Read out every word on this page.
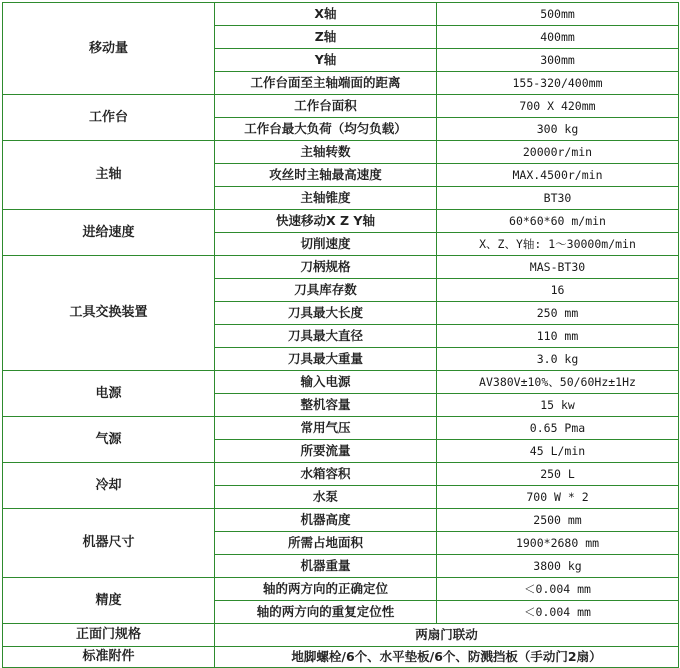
移动量	X轴	500mm
	Z轴	400mm
	Y轴	300mm
	工作台面至主轴端面的距离	155-320/400mm
工作台	工作台面积	700 X 420mm
	工作台最大负荷（均匀负载）	300 kg
主轴	主轴转数	20000r/min
	攻丝时主轴最高速度	MAX.4500r/min
	主轴锥度	BT30
进给速度	快速移动X Z Y轴	60*60*60 m/min
	切削速度	X、Z、Y轴: 1～30000m/min
工具交换装置	刀柄规格	MAS-BT30
	刀具库存数	16
	刀具最大长度	250 mm
	刀具最大直径	110 mm
	刀具最大重量	3.0 kg
电源	输入电源	AV380V±10%、50/60Hz±1Hz
	整机容量	15 kw
气源	常用气压	0.65 Pma
	所要流量	45 L/min
冷却	水箱容积	250 L
	水泵	700 W * 2
机器尺寸	机器高度	2500 mm
	所需占地面积	1900*2680 mm
	机器重量	3800 kg
精度	轴的两方向的正确定位	＜0.004 mm
	轴的两方向的重复定位性	＜0.004 mm
正面门规格	两扇门联动	
标准附件	地脚螺栓/6个、水平垫板/6个、防溅挡板（手动门2扇）	
